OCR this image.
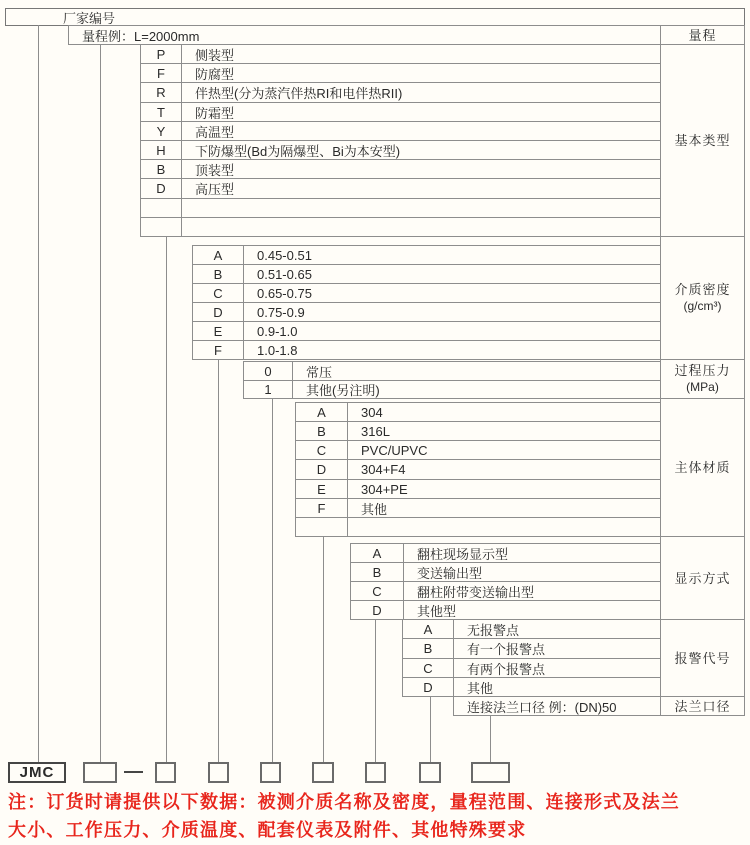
厂家编号
量程例：L=2000mm	量程
P	侧装型
F	防腐型
R	伴热型(分为蒸汽伴热RI和电伴热RII)
T	防霜型
Y	高温型
H	下防爆型(Bd为隔爆型、Bi为本安型)
B	顶装型
D	高压型
基本类型
A	0.45-0.51
B	0.51-0.65
C	0.65-0.75
D	0.75-0.9
E	0.9-1.0
F	1.0-1.8
介质密度
(g/cm³)
0	常压
1	其他(另注明)
过程压力
(MPa)
A	304
B	316L
C	PVC/UPVC
D	304+F4
E	304+PE
F	其他
主体材质
A	翻柱现场显示型
B	变送输出型
C	翻柱附带变送输出型
D	其他型
显示方式
A	无报警点
B	有一个报警点
C	有两个报警点
D	其他
报警代号
连接法兰口径 例：(DN)50	法兰口径
JMC
注：订货时请提供以下数据：被测介质名称及密度，量程范围、连接形式及法兰
大小、工作压力、介质温度、配套仪表及附件、其他特殊要求
